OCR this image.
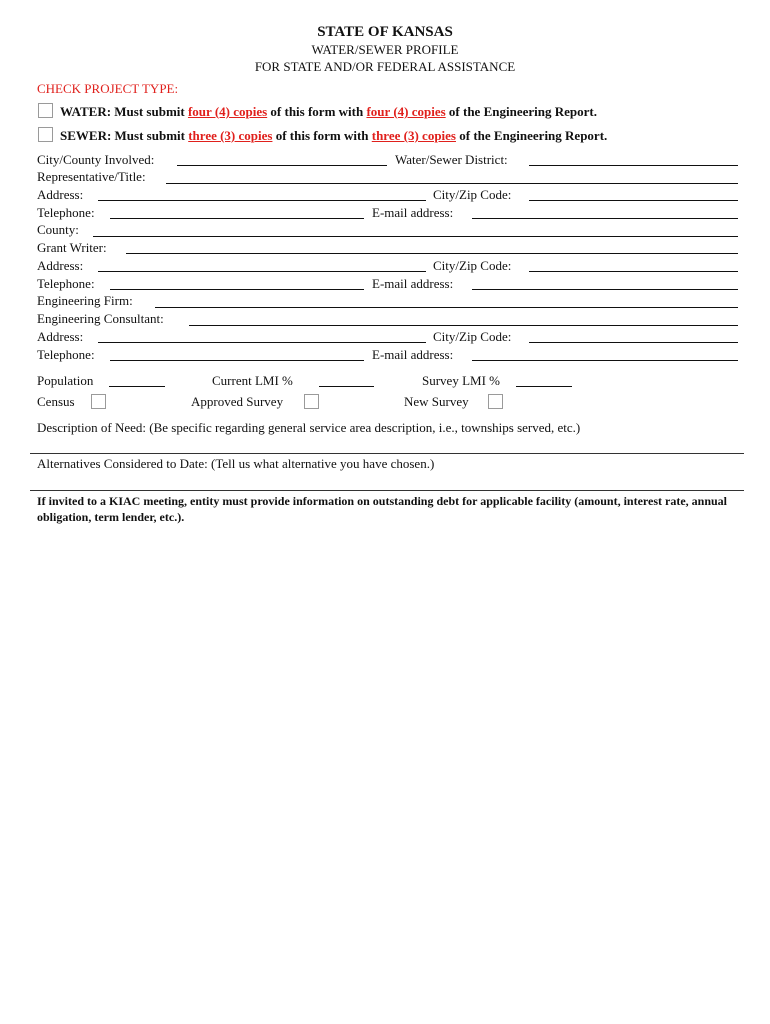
STATE OF KANSAS
WATER/SEWER PROFILE
FOR STATE AND/OR FEDERAL ASSISTANCE
CHECK PROJECT TYPE:
WATER: Must submit four (4) copies of this form with four (4) copies of the Engineering Report.
SEWER: Must submit three (3) copies of this form with three (3) copies of the Engineering Report.
City/County Involved:	Water/Sewer District:
Representative/Title:
Address:	City/Zip Code:
Telephone:	E-mail address:
County:
Grant Writer:
Address:	City/Zip Code:
Telephone:	E-mail address:
Engineering Firm:
Engineering Consultant:
Address:	City/Zip Code:
Telephone:	E-mail address:
Population	Current LMI %	Survey LMI %
Census	Approved Survey	New Survey
Description of Need: (Be specific regarding general service area description, i.e., townships served, etc.)
Alternatives Considered to Date: (Tell us what alternative you have chosen.)
If invited to a KIAC meeting, entity must provide information on outstanding debt for applicable facility (amount, interest rate, annual obligation, term lender, etc.).
